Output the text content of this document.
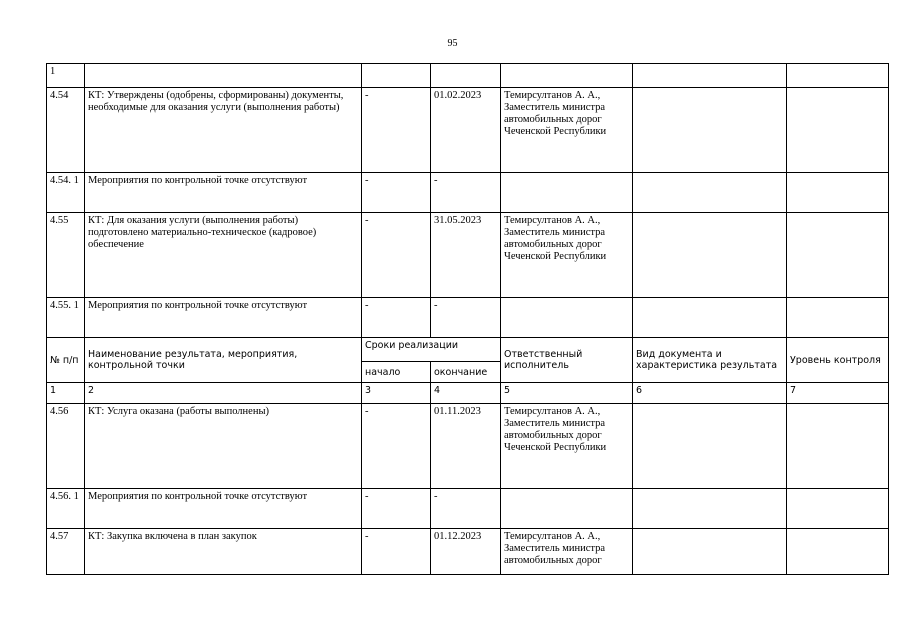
95
1						
4.54	КТ: Утверждены (одобрены, сформированы) документы, необходимые для оказания услуги (выполнения работы)	-	01.02.2023	Темирсултанов А. А., Заместитель министра автомобильных дорог Чеченской Республики		
4.54. 1	Мероприятия по контрольной точке отсутствуют	-	-			
4.55	КТ: Для оказания услуги (выполнения работы) подготовлено материально-техническое (кадровое) обеспечение	-	31.05.2023	Темирсултанов А. А., Заместитель министра автомобильных дорог Чеченской Республики		
4.55. 1	Мероприятия по контрольной точке отсутствуют	-	-			
№ п/п	Наименование результата, мероприятия, контрольной точки	Сроки реализации		Ответственный исполнитель	Вид документа и характеристика результата	Уровень контроля
		начало	окончание			
1	2	3	4	5	6	7
4.56	КТ: Услуга оказана (работы выполнены)	-	01.11.2023	Темирсултанов А. А., Заместитель министра автомобильных дорог Чеченской Республики		
4.56. 1	Мероприятия по контрольной точке отсутствуют	-	-			
4.57	КТ: Закупка включена в план закупок	-	01.12.2023	Темирсултанов А. А., Заместитель министра автомобильных дорог		
